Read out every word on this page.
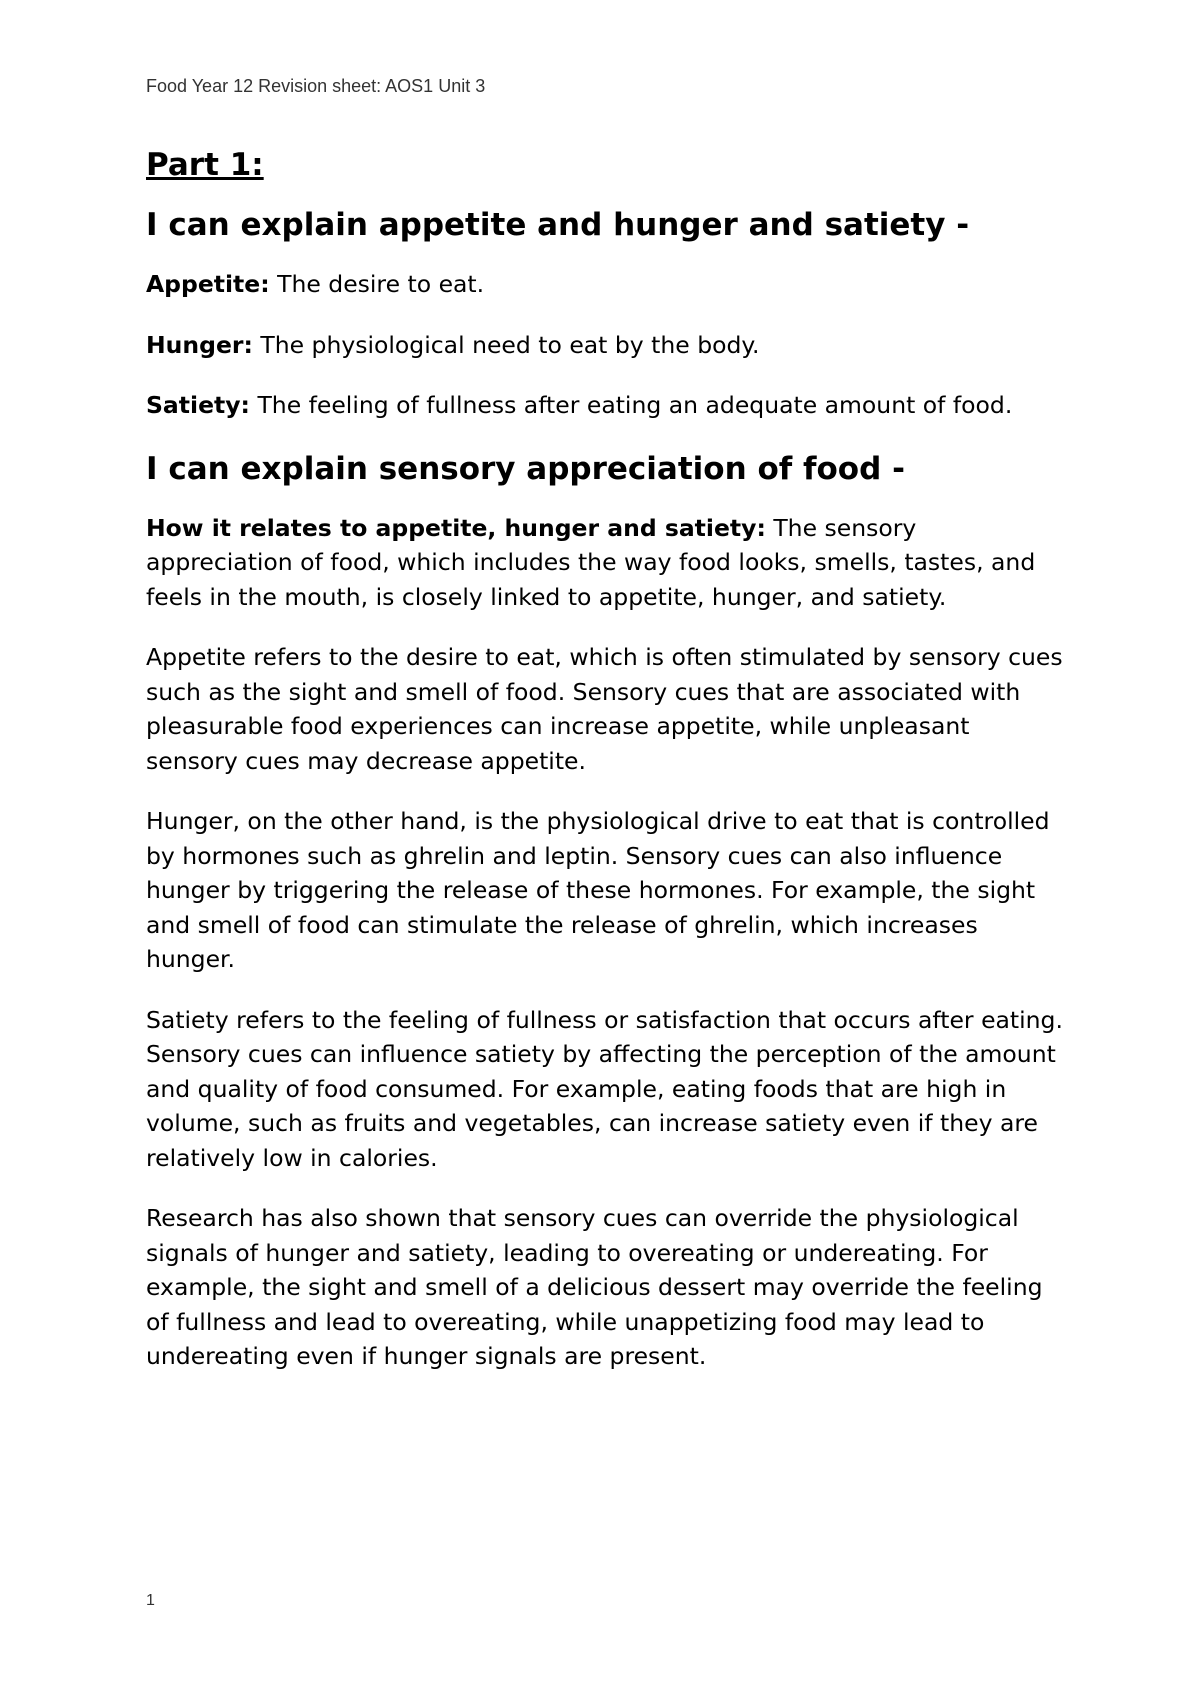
Food Year 12 Revision sheet: AOS1 Unit 3
Part 1:
I can explain appetite and hunger and satiety -

Appetite: The desire to eat.

Hunger: The physiological need to eat by the body.

Satiety: The feeling of fullness after eating an adequate amount of food.

I can explain sensory appreciation of food -

How it relates to appetite, hunger and satiety: The sensory appreciation of food, which includes the way food looks, smells, tastes, and feels in the mouth, is closely linked to appetite, hunger, and satiety.

Appetite refers to the desire to eat, which is often stimulated by sensory cues such as the sight and smell of food. Sensory cues that are associated with pleasurable food experiences can increase appetite, while unpleasant sensory cues may decrease appetite.

Hunger, on the other hand, is the physiological drive to eat that is controlled by hormones such as ghrelin and leptin. Sensory cues can also influence hunger by triggering the release of these hormones. For example, the sight and smell of food can stimulate the release of ghrelin, which increases hunger.

Satiety refers to the feeling of fullness or satisfaction that occurs after eating. Sensory cues can influence satiety by affecting the perception of the amount and quality of food consumed. For example, eating foods that are high in volume, such as fruits and vegetables, can increase satiety even if they are relatively low in calories.

Research has also shown that sensory cues can override the physiological signals of hunger and satiety, leading to overeating or undereating. For example, the sight and smell of a delicious dessert may override the feeling of fullness and lead to overeating, while unappetizing food may lead to undereating even if hunger signals are present.

1
